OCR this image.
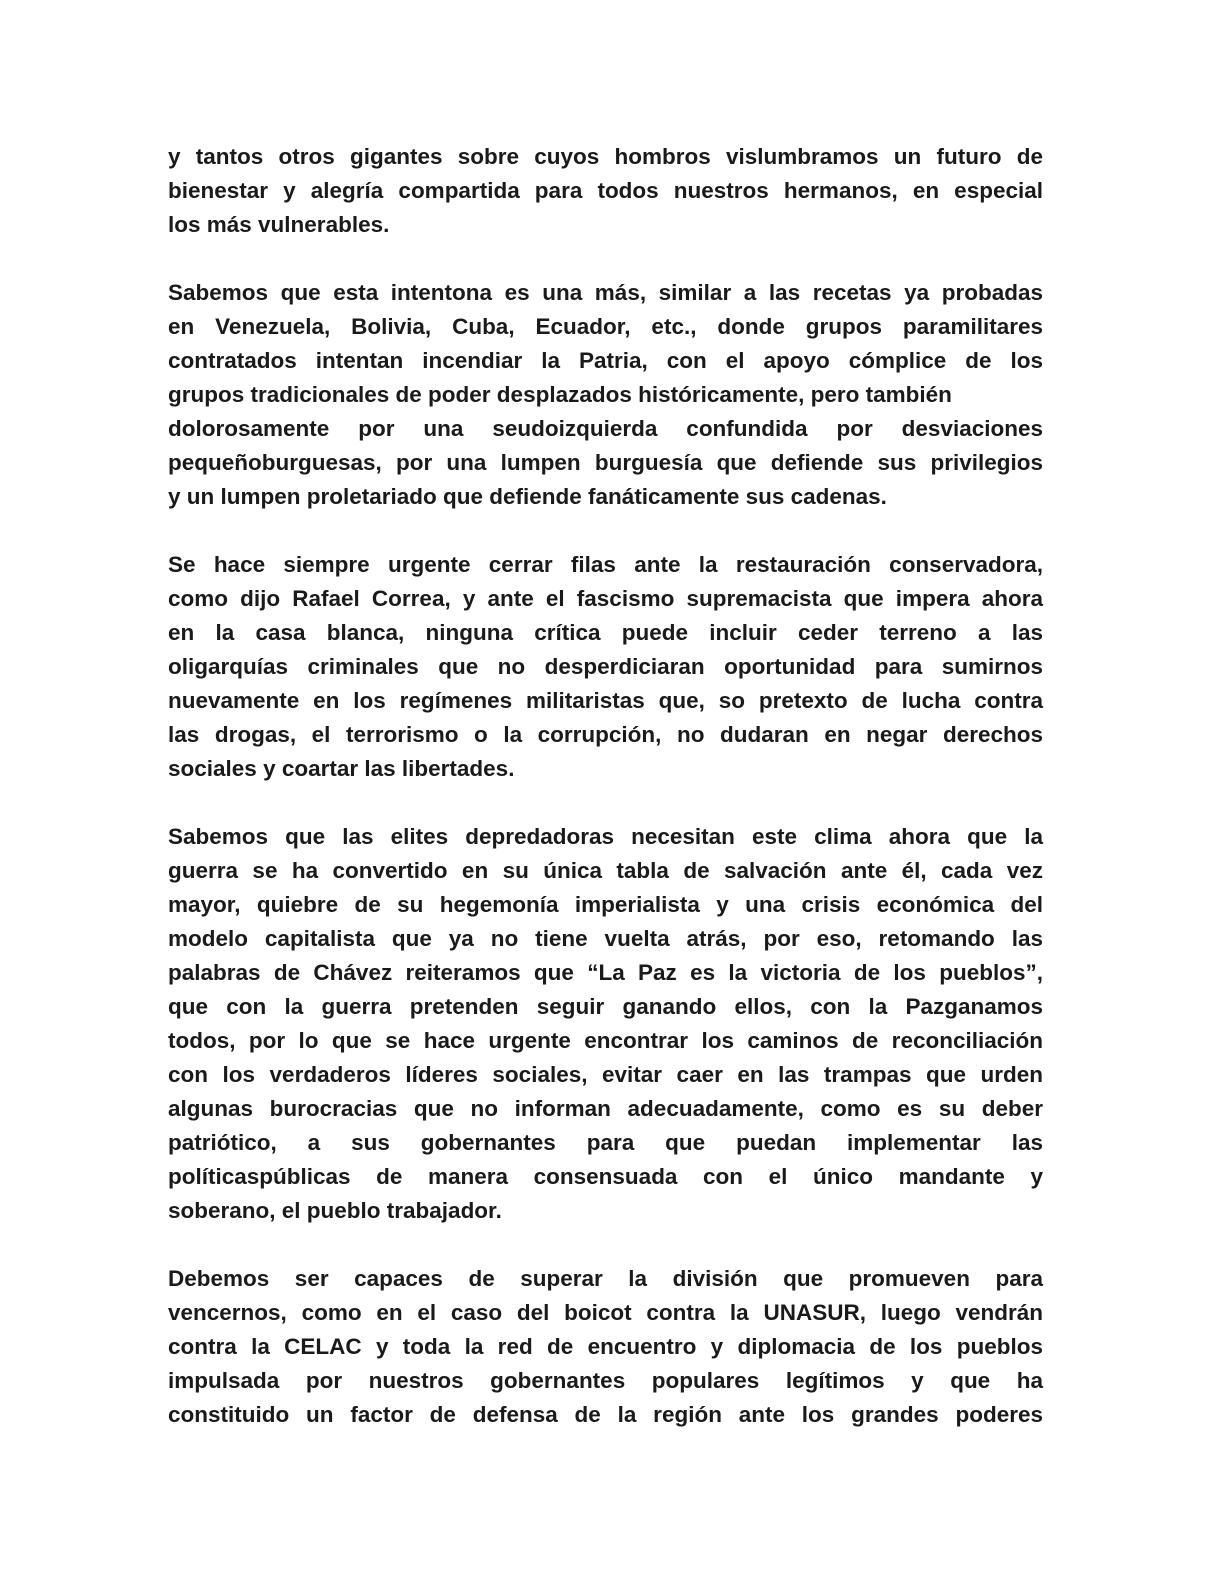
y tantos otros gigantes sobre cuyos hombros vislumbramos un futuro de
bienestar y alegría compartida para todos nuestros hermanos, en especial
los más vulnerables.

Sabemos que esta intentona es una más, similar a las recetas ya probadas
en Venezuela, Bolivia, Cuba, Ecuador, etc., donde grupos paramilitares
contratados intentan incendiar la Patria, con el apoyo cómplice de los
grupos tradicionales de poder desplazados históricamente, pero también
dolorosamente por una seudoizquierda confundida por desviaciones
pequeñoburguesas, por una lumpen burguesía que defiende sus privilegios
y un lumpen proletariado que defiende fanáticamente sus cadenas.

Se hace siempre urgente cerrar filas ante la restauración conservadora,
como dijo Rafael Correa, y ante el fascismo supremacista que impera ahora
en la casa blanca, ninguna crítica puede incluir ceder terreno a las
oligarquías criminales que no desperdiciaran oportunidad para sumirnos
nuevamente en los regímenes militaristas que, so pretexto de lucha contra
las drogas, el terrorismo o la corrupción, no dudaran en negar derechos
sociales y coartar las libertades.

Sabemos que las elites depredadoras necesitan este clima ahora que la
guerra se ha convertido en su única tabla de salvación ante él, cada vez
mayor, quiebre de su hegemonía imperialista y una crisis económica del
modelo capitalista que ya no tiene vuelta atrás, por eso, retomando las
palabras de Chávez reiteramos que “La Paz es la victoria de los pueblos”,
que con la guerra pretenden seguir ganando ellos, con la Pazganamos
todos, por lo que se hace urgente encontrar los caminos de reconciliación
con los verdaderos líderes sociales, evitar caer en las trampas que urden
algunas burocracias que no informan adecuadamente, como es su deber
patriótico, a sus gobernantes para que puedan implementar las
políticaspúblicas de manera consensuada con el único mandante y
soberano, el pueblo trabajador.

Debemos ser capaces de superar la división que promueven para
vencernos, como en el caso del boicot contra la UNASUR, luego vendrán
contra la CELAC y toda la red de encuentro y diplomacia de los pueblos
impulsada por nuestros gobernantes populares legítimos y que ha
constituido un factor de defensa de la región ante los grandes poderes
